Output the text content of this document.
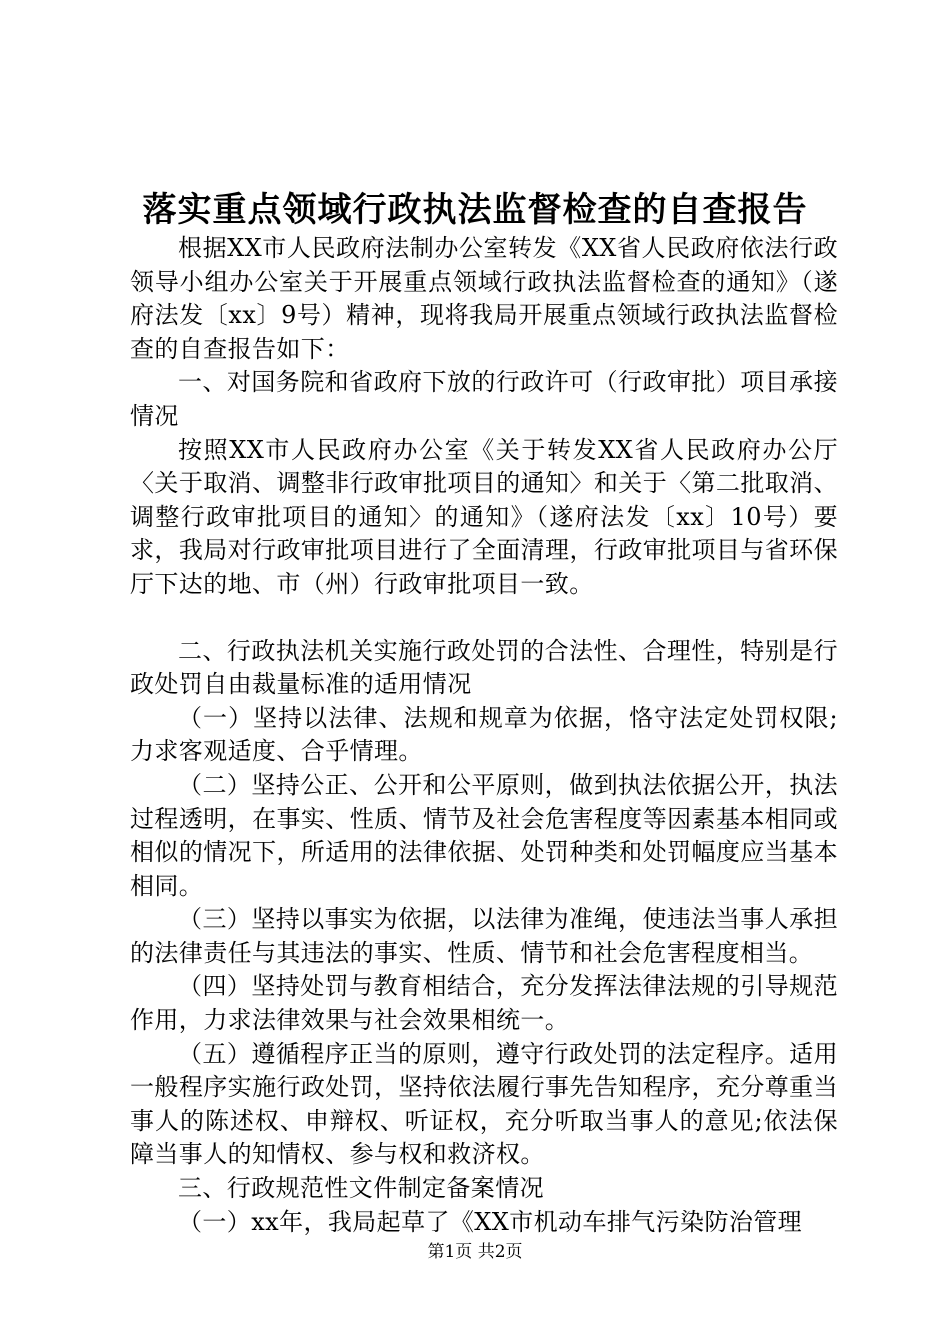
落实重点领域行政执法监督检查的自查报告

根据XX市人民政府法制办公室转发《XX省人民政府依法行政领导小组办公室关于开展重点领域行政执法监督检查的通知》（遂府法发〔xx〕9号）精神，现将我局开展重点领域行政执法监督检查的自查报告如下：

一、对国务院和省政府下放的行政许可（行政审批）项目承接情况

按照XX市人民政府办公室《关于转发XX省人民政府办公厅〈关于取消、调整非行政审批项目的通知〉和关于〈第二批取消、调整行政审批项目的通知〉的通知》（遂府法发〔xx〕10号）要求，我局对行政审批项目进行了全面清理，行政审批项目与省环保厅下达的地、市（州）行政审批项目一致。

二、行政执法机关实施行政处罚的合法性、合理性，特别是行政处罚自由裁量标准的适用情况

（一）坚持以法律、法规和规章为依据，恪守法定处罚权限;力求客观适度、合乎情理。

（二）坚持公正、公开和公平原则，做到执法依据公开，执法过程透明，在事实、性质、情节及社会危害程度等因素基本相同或相似的情况下，所适用的法律依据、处罚种类和处罚幅度应当基本相同。

（三）坚持以事实为依据，以法律为准绳，使违法当事人承担的法律责任与其违法的事实、性质、情节和社会危害程度相当。

（四）坚持处罚与教育相结合，充分发挥法律法规的引导规范作用，力求法律效果与社会效果相统一。

（五）遵循程序正当的原则，遵守行政处罚的法定程序。适用一般程序实施行政处罚，坚持依法履行事先告知程序，充分尊重当事人的陈述权、申辩权、听证权，充分听取当事人的意见;依法保障当事人的知情权、参与权和救济权。

三、行政规范性文件制定备案情况

（一）xx年，我局起草了《XX市机动车排气污染防治管理

第1页 共2页
